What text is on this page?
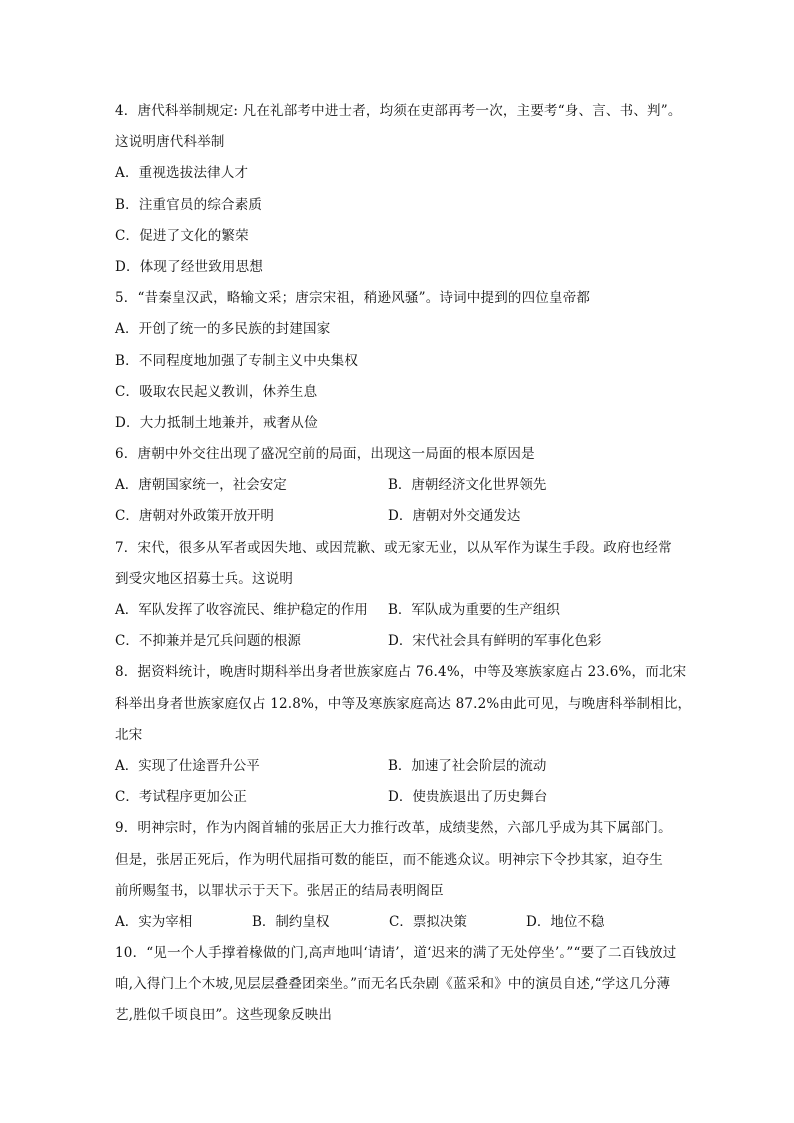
4．唐代科举制规定: 凡在礼部考中进士者，均须在吏部再考一次，主要考“身、言、书、判”。
这说明唐代科举制
A．重视选拔法律人才
B．注重官员的综合素质
C．促进了文化的繁荣
D．体现了经世致用思想
5．“昔秦皇汉武，略输文采；唐宗宋祖，稍逊风骚”。诗词中提到的四位皇帝都
A．开创了统一的多民族的封建国家
B．不同程度地加强了专制主义中央集权
C．吸取农民起义教训，休养生息
D．大力抵制土地兼并，戒奢从俭
6．唐朝中外交往出现了盛况空前的局面，出现这一局面的根本原因是
A．唐朝国家统一，社会安定	B．唐朝经济文化世界领先
C．唐朝对外政策开放开明	D．唐朝对外交通发达
7．宋代，很多从军者或因失地、或因荒歉、或无家无业，以从军作为谋生手段。政府也经常
到受灾地区招募士兵。这说明
A．军队发挥了收容流民、维护稳定的作用	B．军队成为重要的生产组织
C．不抑兼并是冗兵问题的根源	D．宋代社会具有鲜明的军事化色彩
8．据资料统计，晚唐时期科举出身者世族家庭占 76.4%，中等及寒族家庭占 23.6%，而北宋
科举出身者世族家庭仅占 12.8%，中等及寒族家庭高达 87.2%由此可见，与晚唐科举制相比，
北宋
A．实现了仕途晋升公平	B．加速了社会阶层的流动
C．考试程序更加公正	D．使贵族退出了历史舞台
9．明神宗时，作为内阁首辅的张居正大力推行改革，成绩斐然，六部几乎成为其下属部门。
但是，张居正死后，作为明代屈指可数的能臣，而不能逃众议。明神宗下令抄其家，迫夺生
前所赐玺书，以罪状示于天下。张居正的结局表明阁臣
A．实为宰相	B．制约皇权	C．票拟决策	D．地位不稳
10．“见一个人手撑着椽做的门,高声地叫‘请请’，道‘迟来的满了无处停坐’。”“要了二百钱放过
咱,入得门上个木坡,见层层叠叠团栾坐。”而无名氏杂剧《蓝采和》中的演员自述,“学这几分薄
艺,胜似千顷良田”。这些现象反映出
